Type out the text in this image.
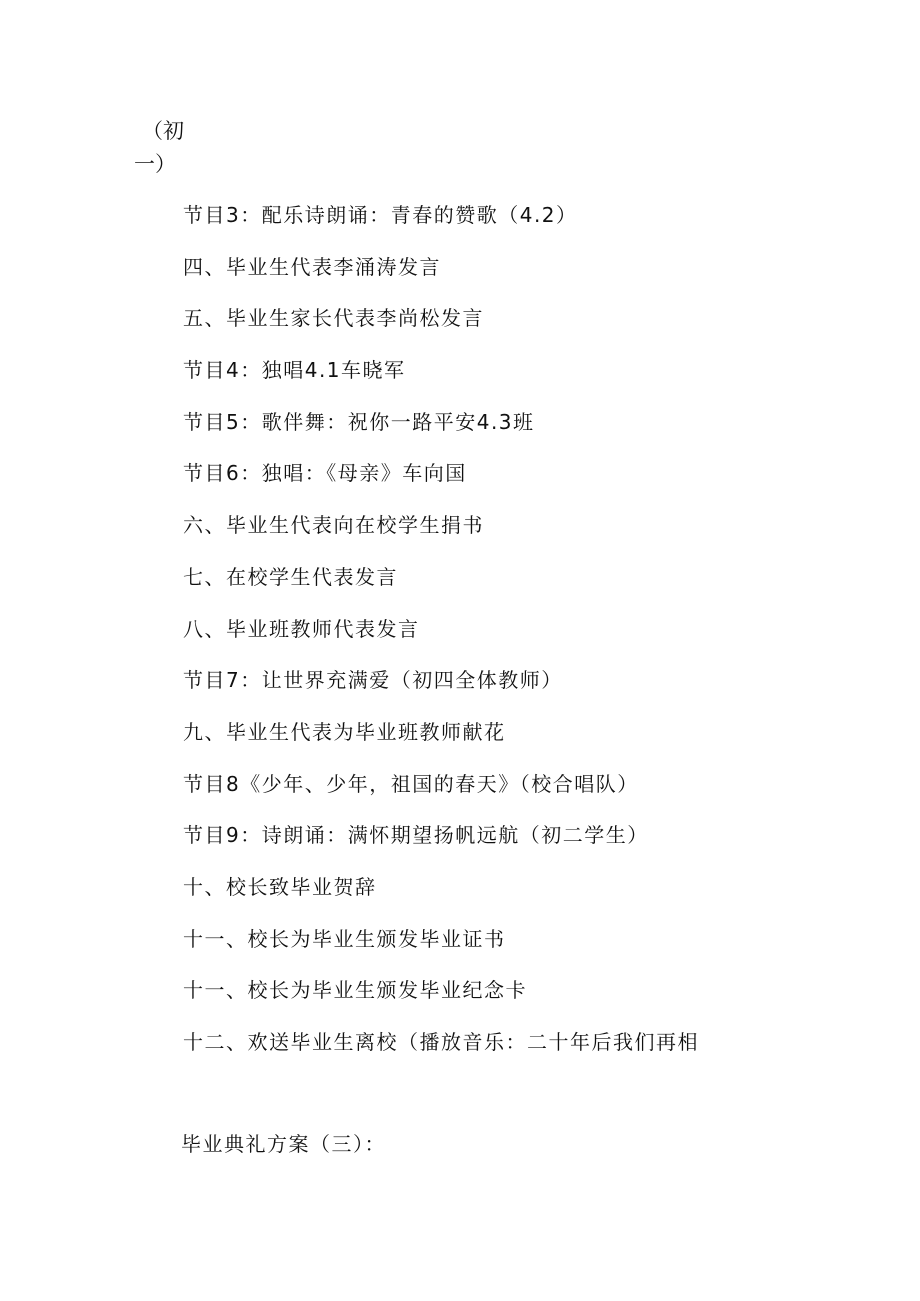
（初
一）
节目3：配乐诗朗诵：青春的赞歌（4.2）
四、毕业生代表李涌涛发言
五、毕业生家长代表李尚松发言
节目4：独唱4.1车晓军
节目5：歌伴舞：祝你一路平安4.3班
节目6：独唱：《母亲》车向国
六、毕业生代表向在校学生捐书
七、在校学生代表发言
八、毕业班教师代表发言
节目7：让世界充满爱（初四全体教师）
九、毕业生代表为毕业班教师献花
节目8《少年、少年，祖国的春天》（校合唱队）
节目9：诗朗诵：满怀期望扬帆远航（初二学生）
十、校长致毕业贺辞
十一、校长为毕业生颁发毕业证书
十一、校长为毕业生颁发毕业纪念卡
十二、欢送毕业生离校（播放音乐：二十年后我们再相
毕业典礼方案（三）：
